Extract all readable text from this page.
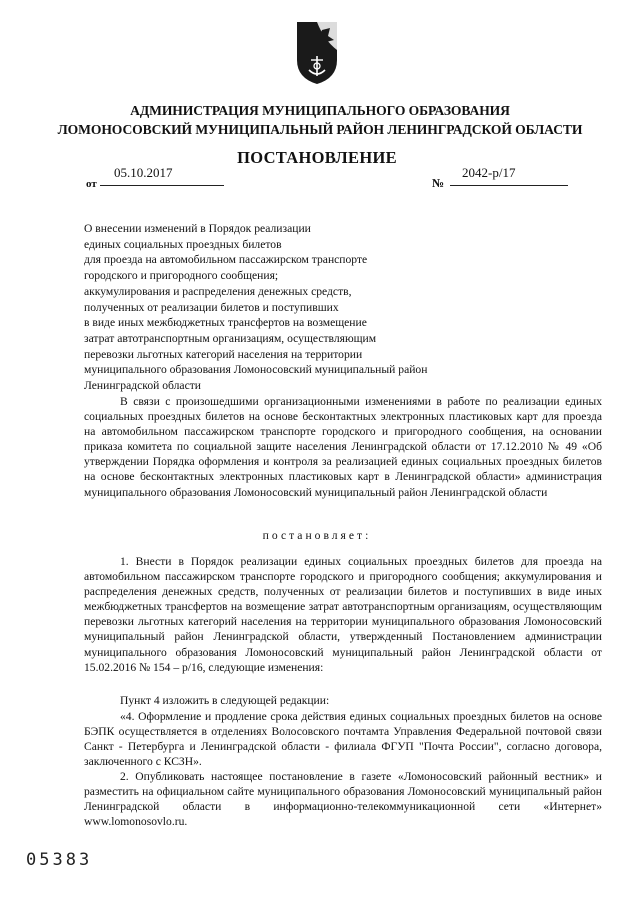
АДМИНИСТРАЦИЯ МУНИЦИПАЛЬНОГО ОБРАЗОВАНИЯ
ЛОМОНОСОВСКИЙ МУНИЦИПАЛЬНЫЙ РАЙОН ЛЕНИНГРАДСКОЙ ОБЛАСТИ
ПОСТАНОВЛЕНИЕ
от
05.10.2017
№
2042-р/17
О внесении изменений в Порядок реализации
единых социальных проездных билетов
для проезда на автомобильном пассажирском транспорте
городского и пригородного сообщения;
аккумулирования и распределения денежных средств,
полученных от реализации билетов и поступивших
в виде иных межбюджетных трансфертов на возмещение
затрат автотранспортным организациям, осуществляющим
перевозки льготных категорий населения на территории
муниципального образования Ломоносовский муниципальный район
Ленинградской области
В связи с произошедшими организационными изменениями в работе по реализации единых социальных проездных билетов на основе бесконтактных электронных пластиковых карт для проезда на автомобильном пассажирском транспорте городского и пригородного сообщения, на основании приказа комитета по социальной защите населения Ленинградской области от 17.12.2010 № 49 «Об утверждении Порядка оформления и контроля за реализацией единых социальных проездных билетов на основе бесконтактных электронных пластиковых карт в Ленинградской области» администрация муниципального образования Ломоносовский муниципальный район Ленинградской области
постановляет:
1. Внести в Порядок реализации единых социальных проездных билетов для проезда на автомобильном пассажирском транспорте городского и пригородного сообщения; аккумулирования и распределения денежных средств, полученных от реализации билетов и поступивших в виде иных межбюджетных трансфертов на возмещение затрат автотранспортным организациям, осуществляющим перевозки льготных категорий населения на территории муниципального образования Ломоносовский муниципальный район Ленинградской области, утвержденный Постановлением администрации муниципального образования Ломоносовский муниципальный район Ленинградской области от 15.02.2016 № 154 – р/16, следующие изменения:
Пункт 4 изложить в следующей редакции:
«4. Оформление и продление срока действия единых социальных проездных билетов на основе БЭПК осуществляется в отделениях Волосовского почтамта Управления Федеральной почтовой связи Санкт - Петербурга и Ленинградской области - филиала ФГУП "Почта России", согласно договора, заключенного с КСЗН».
2. Опубликовать настоящее постановление в газете «Ломоносовский районный вестник» и разместить на официальном сайте муниципального образования Ломоносовский муниципальный район Ленинградской области в информационно-телекоммуникационной сети «Интернет» www.lomonosovlo.ru.
05383
